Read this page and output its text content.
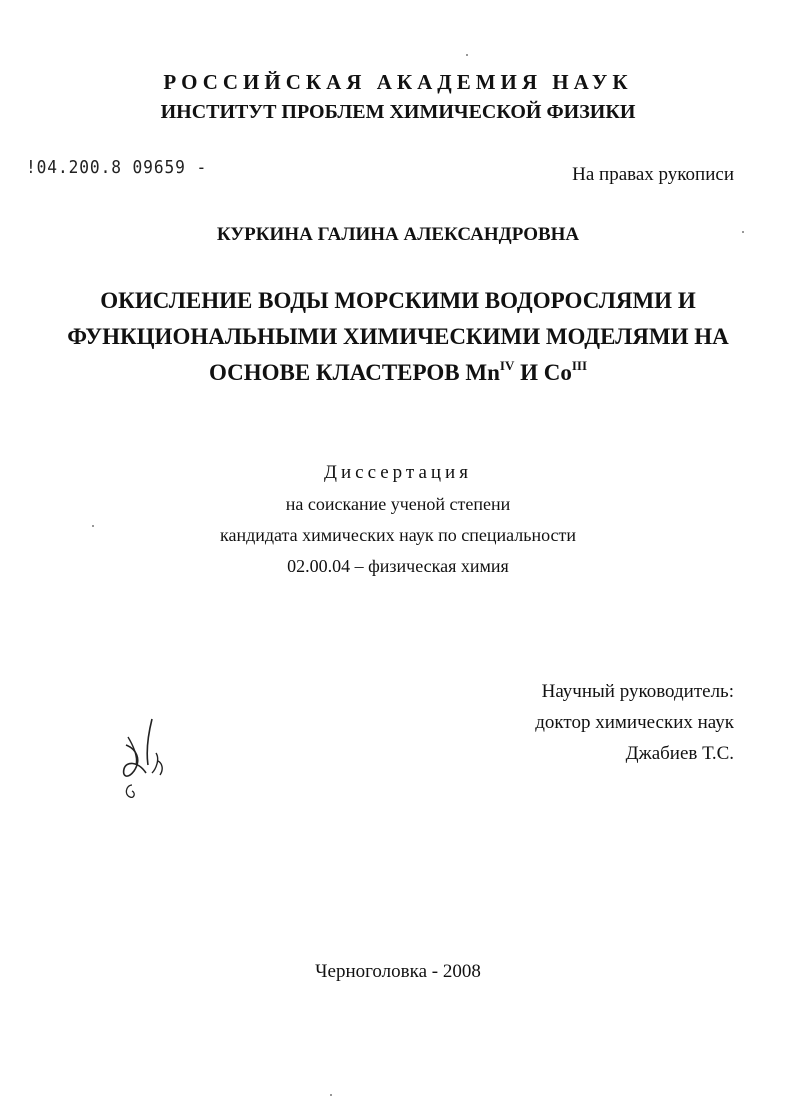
РОССИЙСКАЯ АКАДЕМИЯ НАУК
ИНСТИТУТ ПРОБЛЕМ ХИМИЧЕСКОЙ ФИЗИКИ
!04.200.8 09659 -	На правах рукописи
КУРКИНА ГАЛИНА АЛЕКСАНДРОВНА
ОКИСЛЕНИЕ ВОДЫ МОРСКИМИ ВОДОРОСЛЯМИ И
ФУНКЦИОНАЛЬНЫМИ ХИМИЧЕСКИМИ МОДЕЛЯМИ НА
ОСНОВЕ КЛАСТЕРОВ $Mn^{IV}$ И $Co^{III}$
Диссертация
на соискание ученой степени
кандидата химических наук по специальности
02.00.04 – физическая химия
Научный руководитель:
доктор химических наук
Джабиев Т.С.
Черноголовка - 2008
